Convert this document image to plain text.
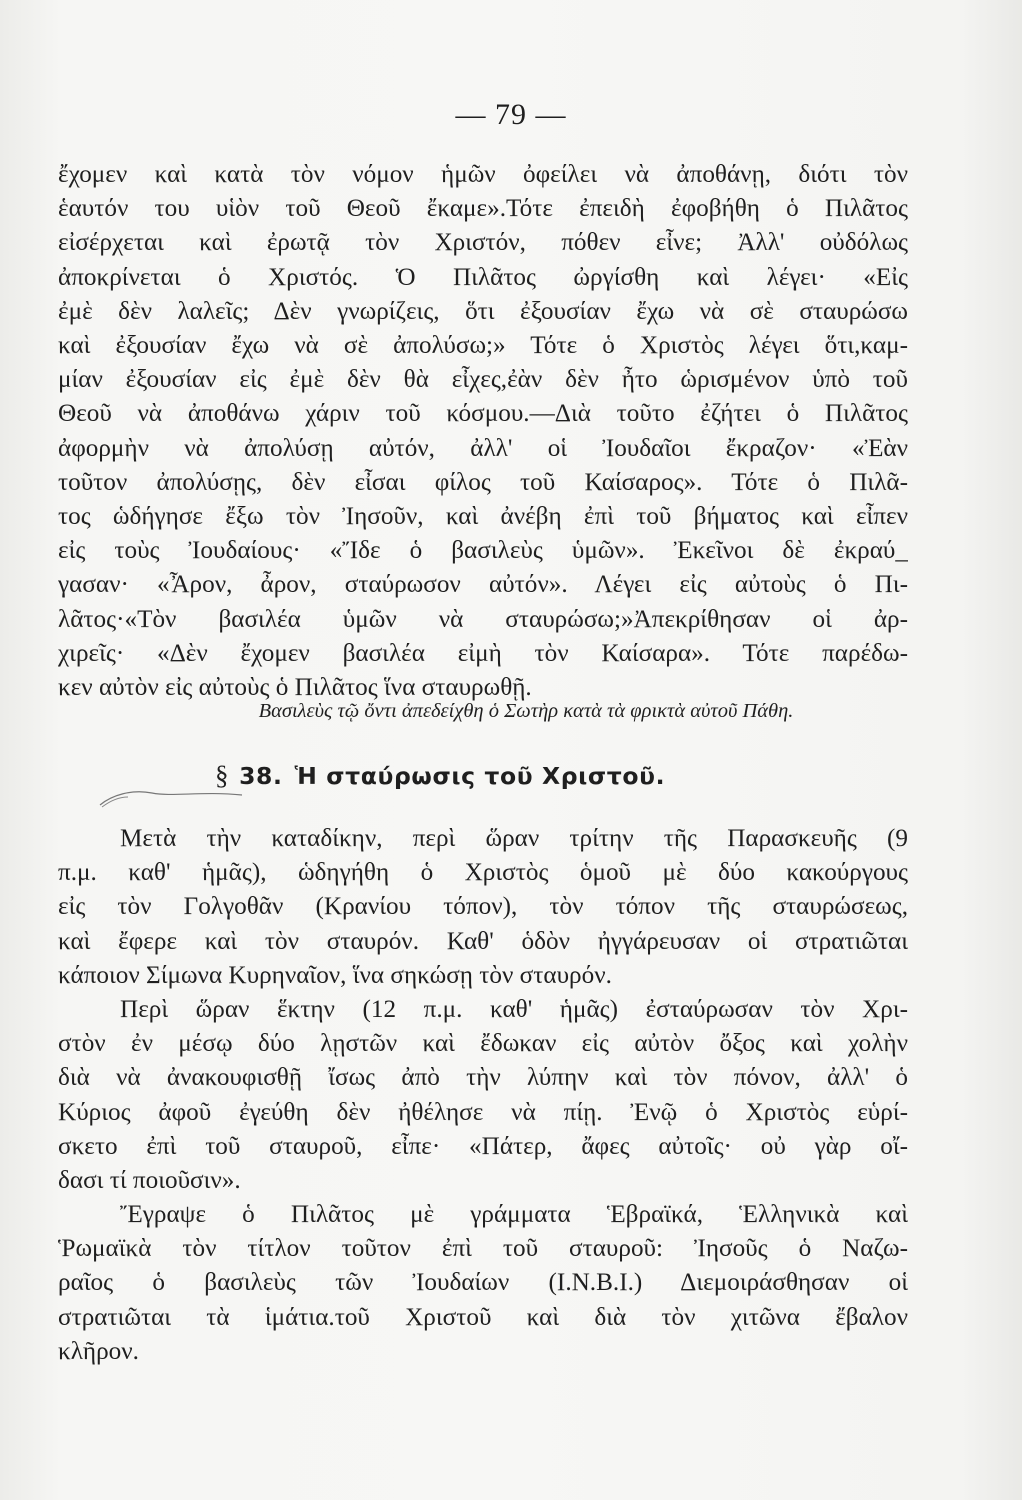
— 79 —
ἔχομεν καὶ κατὰ τὸν νόμον ἡμῶν ὀφείλει νὰ ἀποθάνῃ, διότι τὸν
ἑαυτόν του υἱὸν τοῦ Θεοῦ ἔκαμε».Τότε ἐπειδὴ ἐφοβήθη ὁ Πιλᾶτος
εἰσέρχεται καὶ ἐρωτᾷ τὸν Χριστόν, πόθεν εἶνε; Ἀλλ' οὐδόλως
ἀποκρίνεται ὁ Χριστός. Ὁ Πιλᾶτος ὠργίσθη καὶ λέγει· «Εἰς
ἐμὲ δὲν λαλεῖς; Δὲν γνωρίζεις, ὅτι ἐξουσίαν ἔχω νὰ σὲ σταυρώσω
καὶ ἐξουσίαν ἔχω νὰ σὲ ἀπολύσω;» Τότε ὁ Χριστὸς λέγει ὅτι,καμ-
μίαν ἐξουσίαν εἰς ἐμὲ δὲν θὰ εἶχες,ἐὰν δὲν ἦτο ὡρισμένον ὑπὸ τοῦ
Θεοῦ νὰ ἀποθάνω χάριν τοῦ κόσμου.—Διὰ τοῦτο ἐζήτει ὁ Πιλᾶτος
ἀφορμὴν νὰ ἀπολύσῃ αὐτόν, ἀλλ' οἱ Ἰουδαῖοι ἔκραζον· «Ἐὰν
τοῦτον ἀπολύσῃς, δὲν εἶσαι φίλος τοῦ Καίσαρος». Τότε ὁ Πιλᾶ-
τος ὡδήγησε ἔξω τὸν Ἰησοῦν, καὶ ἀνέβη ἐπὶ τοῦ βήματος καὶ εἶπεν
εἰς τοὺς Ἰουδαίους· «Ἴδε ὁ βασιλεὺς ὑμῶν». Ἐκεῖνοι δὲ ἐκραύ_
γασαν· «Ἆρον, ἆρον, σταύρωσον αὐτόν». Λέγει εἰς αὐτοὺς ὁ Πι-
λᾶτος·«Τὸν βασιλέα ὑμῶν νὰ σταυρώσω;»Ἀπεκρίθησαν οἱ ἀρ-
χιρεῖς· «Δὲν ἔχομεν βασιλέα εἰμὴ τὸν Καίσαρα». Τότε παρέδω-
κεν αὐτὸν εἰς αὐτοὺς ὁ Πιλᾶτος ἵνα σταυρωθῇ.
Βασιλεὺς τῷ ὄντι ἀπεδείχθη ὁ Σωτὴρ κατὰ τὰ φρικτὰ αὐτοῦ Πάθη.
§ 38. Ἡ σταύρωσις τοῦ Χριστοῦ.
Μετὰ τὴν καταδίκην, περὶ ὥραν τρίτην τῆς Παρασκευῆς (9
π.μ. καθ' ἡμᾶς), ὡδηγήθη ὁ Χριστὸς ὁμοῦ μὲ δύο κακούργους
εἰς τὸν Γολγοθᾶν (Κρανίου τόπον), τὸν τόπον τῆς σταυρώσεως,
καὶ ἔφερε καὶ τὸν σταυρόν. Καθ' ὁδὸν ἠγγάρευσαν οἱ στρατιῶται
κάποιον Σίμωνα Κυρηναῖον, ἵνα σηκώσῃ τὸν σταυρόν.
Περὶ ὥραν ἕκτην (12 π.μ. καθ' ἡμᾶς) ἐσταύρωσαν τὸν Χρι-
στὸν ἐν μέσῳ δύο λῃστῶν καὶ ἔδωκαν εἰς αὐτὸν ὄξος καὶ χολὴν
διὰ νὰ ἀνακουφισθῇ ἴσως ἀπὸ τὴν λύπην καὶ τὸν πόνον, ἀλλ' ὁ
Κύριος ἀφοῦ ἐγεύθη δὲν ἠθέλησε νὰ πίῃ. Ἐνῷ ὁ Χριστὸς εὑρί-
σκετο ἐπὶ τοῦ σταυροῦ, εἶπε· «Πάτερ, ἄφες αὐτοῖς· οὐ γὰρ οἴ-
δασι τί ποιοῦσιν».
Ἔγραψε ὁ Πιλᾶτος μὲ γράμματα Ἑβραϊκά, Ἑλληνικὰ καὶ
Ῥωμαϊκὰ τὸν τίτλον τοῦτον ἐπὶ τοῦ σταυροῦ: Ἰησοῦς ὁ Ναζω-
ραῖος ὁ βασιλεὺς τῶν Ἰουδαίων (Ι.Ν.Β.Ι.) Διεμοιράσθησαν οἱ
στρατιῶται τὰ ἱμάτια.τοῦ Χριστοῦ καὶ διὰ τὸν χιτῶνα ἔβαλον
κλῆρον.
